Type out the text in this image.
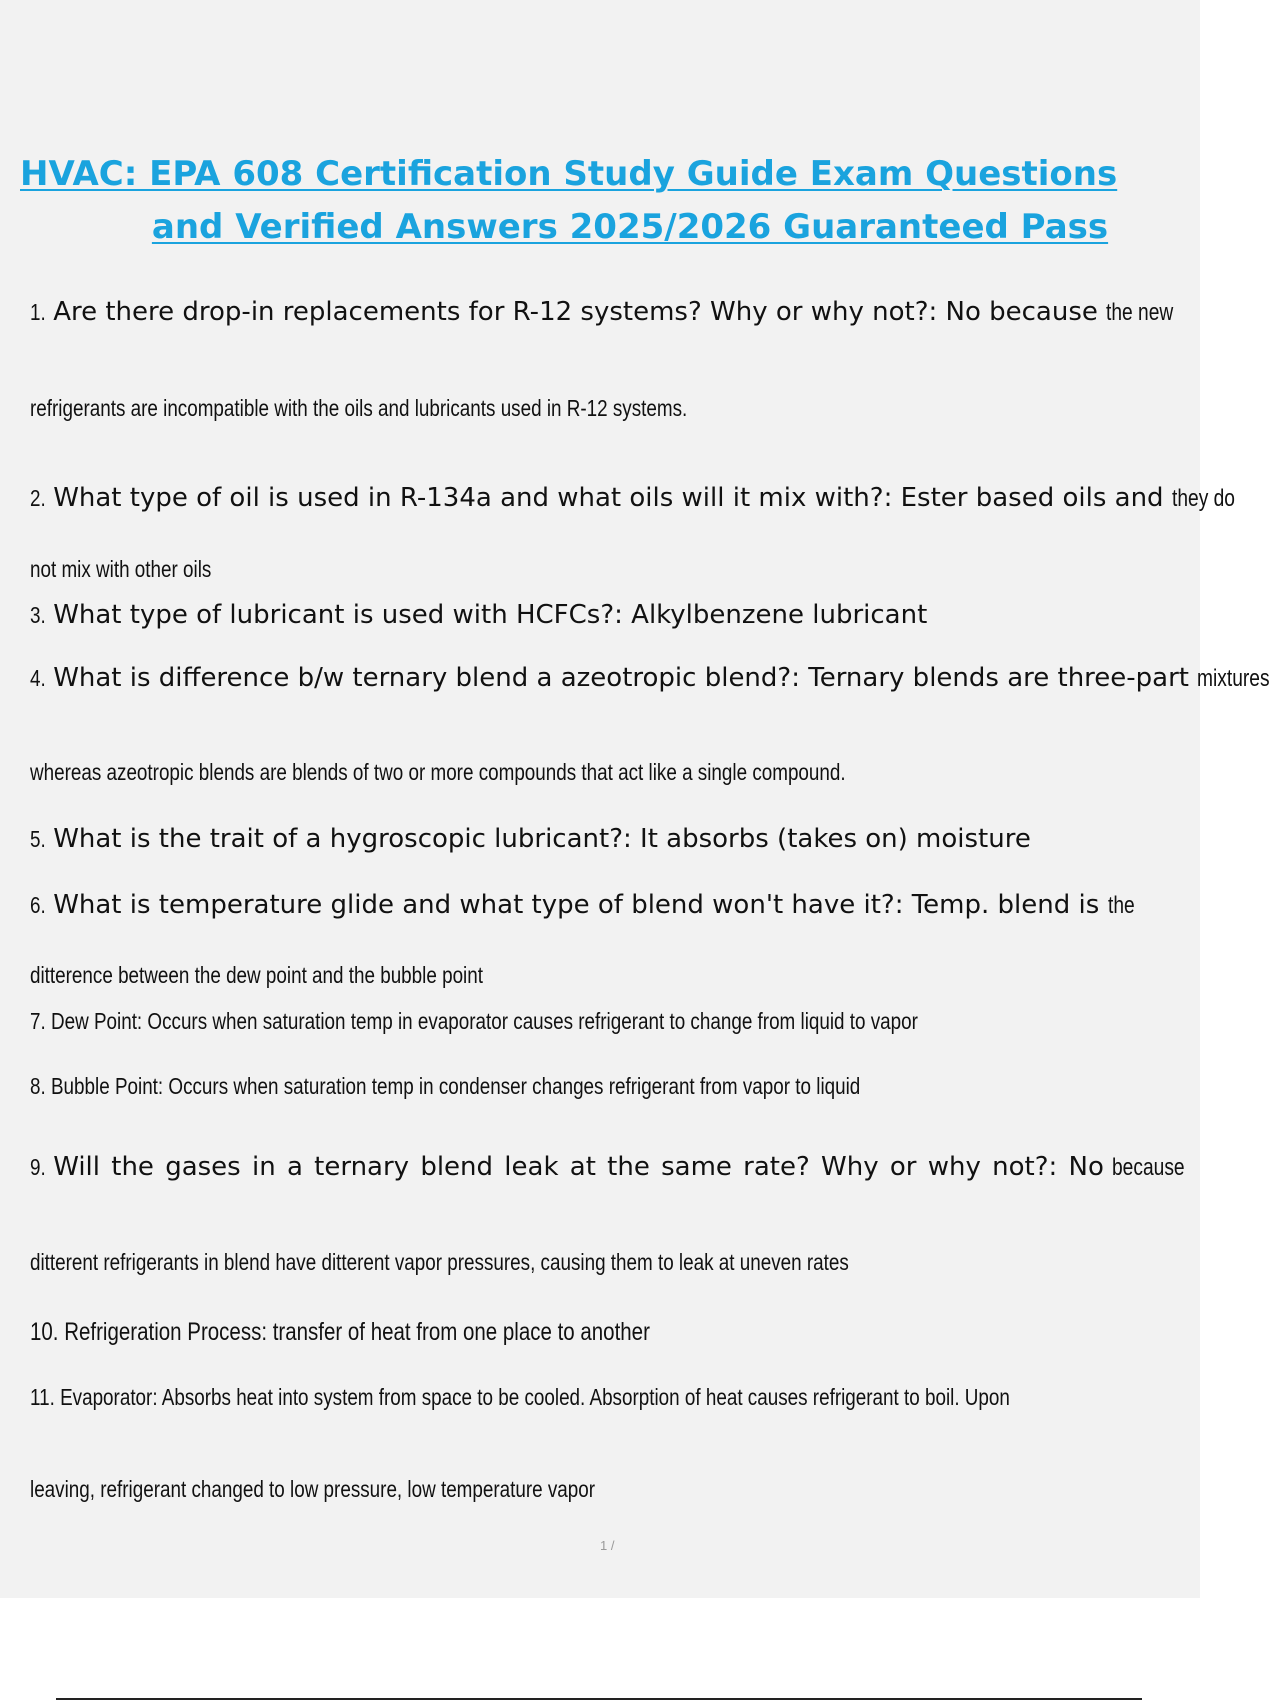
HVAC: EPA 608 Certification Study Guide Exam Questions
and Verified Answers 2025/2026 Guaranteed Pass
1. Are there drop-in replacements for R-12 systems? Why or why not?: No because the new
refrigerants are incompatible with the oils and lubricants used in R-12 systems.
2. What type of oil is used in R-134a and what oils will it mix with?: Ester based oils and they do
not mix with other oils
3. What type of lubricant is used with HCFCs?: Alkylbenzene lubricant
4. What is difference b/w ternary blend a azeotropic blend?: Ternary blends are three-part mixtures
whereas azeotropic blends are blends of two or more compounds that act like a single compound.
5. What is the trait of a hygroscopic lubricant?: It absorbs (takes on) moisture
6. What is temperature glide and what type of blend won't have it?: Temp. blend is the
ditterence between the dew point and the bubble point
7. Dew Point: Occurs when saturation temp in evaporator causes refrigerant to change from liquid to vapor
8. Bubble Point: Occurs when saturation temp in condenser changes refrigerant from vapor to liquid
9. Will the gases in a ternary blend leak at the same rate? Why or why not?: No because
ditterent refrigerants in blend have ditterent vapor pressures, causing them to leak at uneven rates
10. Refrigeration Process: transfer of heat from one place to another
11. Evaporator: Absorbs heat into system from space to be cooled. Absorption of heat causes refrigerant to boil. Upon
leaving, refrigerant changed to low pressure, low temperature vapor
1 /
